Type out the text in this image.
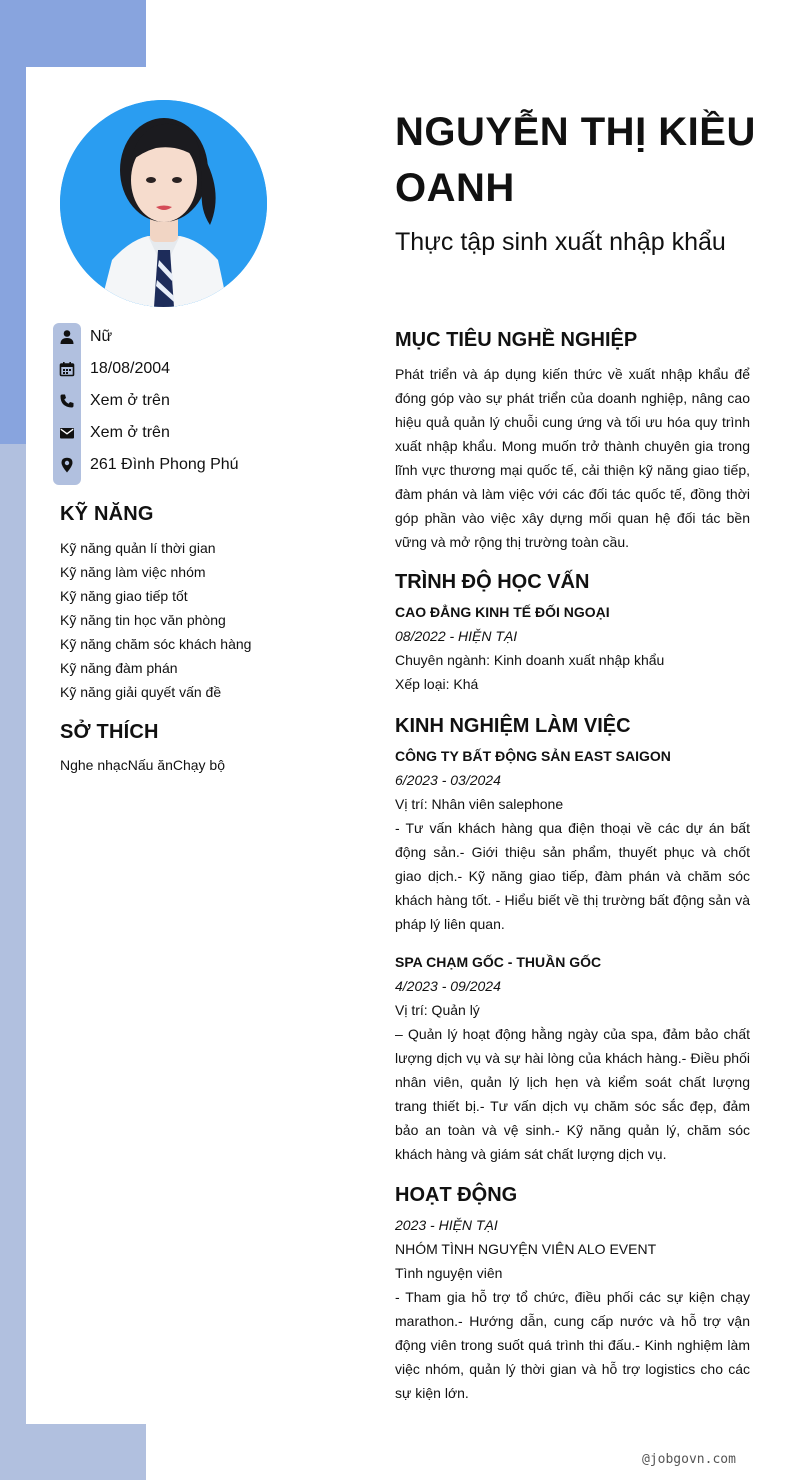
Nữ
18/08/2004
Xem ở trên
Xem ở trên
261 Đình Phong Phú
KỸ NĂNG
Kỹ năng quản lí thời gian
Kỹ năng làm việc nhóm
Kỹ năng giao tiếp tốt
Kỹ năng tin học văn phòng
Kỹ năng chăm sóc khách hàng
Kỹ năng đàm phán
Kỹ năng giải quyết vấn đề
SỞ THÍCH
Nghe nhạcNấu ănChạy bộ
NGUYỄN THỊ KIỀU OANH
Thực tập sinh xuất nhập khẩu
MỤC TIÊU NGHỀ NGHIỆP
Phát triển và áp dụng kiến thức về xuất nhập khẩu để đóng góp vào sự phát triển của doanh nghiệp, nâng cao hiệu quả quản lý chuỗi cung ứng và tối ưu hóa quy trình xuất nhập khẩu. Mong muốn trở thành chuyên gia trong lĩnh vực thương mại quốc tế, cải thiện kỹ năng giao tiếp, đàm phán và làm việc với các đối tác quốc tế, đồng thời góp phần vào việc xây dựng mối quan hệ đối tác bền vững và mở rộng thị trường toàn cầu.
TRÌNH ĐỘ HỌC VẤN
CAO ĐẲNG KINH TẾ ĐỐI NGOẠI
08/2022 - HIỆN TẠI
Chuyên ngành: Kinh doanh xuất nhập khẩu
Xếp loại: Khá
KINH NGHIỆM LÀM VIỆC
CÔNG TY BẤT ĐỘNG SẢN EAST SAIGON
6/2023 - 03/2024
Vị trí: Nhân viên salephone
- Tư vấn khách hàng qua điện thoại về các dự án bất động sản.- Giới thiệu sản phẩm, thuyết phục và chốt giao dịch.- Kỹ năng giao tiếp, đàm phán và chăm sóc khách hàng tốt. - Hiểu biết về thị trường bất động sản và pháp lý liên quan.
SPA CHẠM GỐC - THUẦN GỐC
4/2023 - 09/2024
Vị trí: Quản lý
– Quản lý hoạt động hằng ngày của spa, đảm bảo chất lượng dịch vụ và sự hài lòng của khách hàng.- Điều phối nhân viên, quản lý lịch hẹn và kiểm soát chất lượng trang thiết bị.- Tư vấn dịch vụ chăm sóc sắc đẹp, đảm bảo an toàn và vệ sinh.- Kỹ năng quản lý, chăm sóc khách hàng và giám sát chất lượng dịch vụ.
HOẠT ĐỘNG
2023 - HIỆN TẠI
NHÓM TÌNH NGUYỆN VIÊN ALO EVENT
Tình nguyện viên
- Tham gia hỗ trợ tổ chức, điều phối các sự kiện chạy marathon.- Hướng dẫn, cung cấp nước và hỗ trợ vận động viên trong suốt quá trình thi đấu.- Kinh nghiệm làm việc nhóm, quản lý thời gian và hỗ trợ logistics cho các sự kiện lớn.
@jobgovn.com
